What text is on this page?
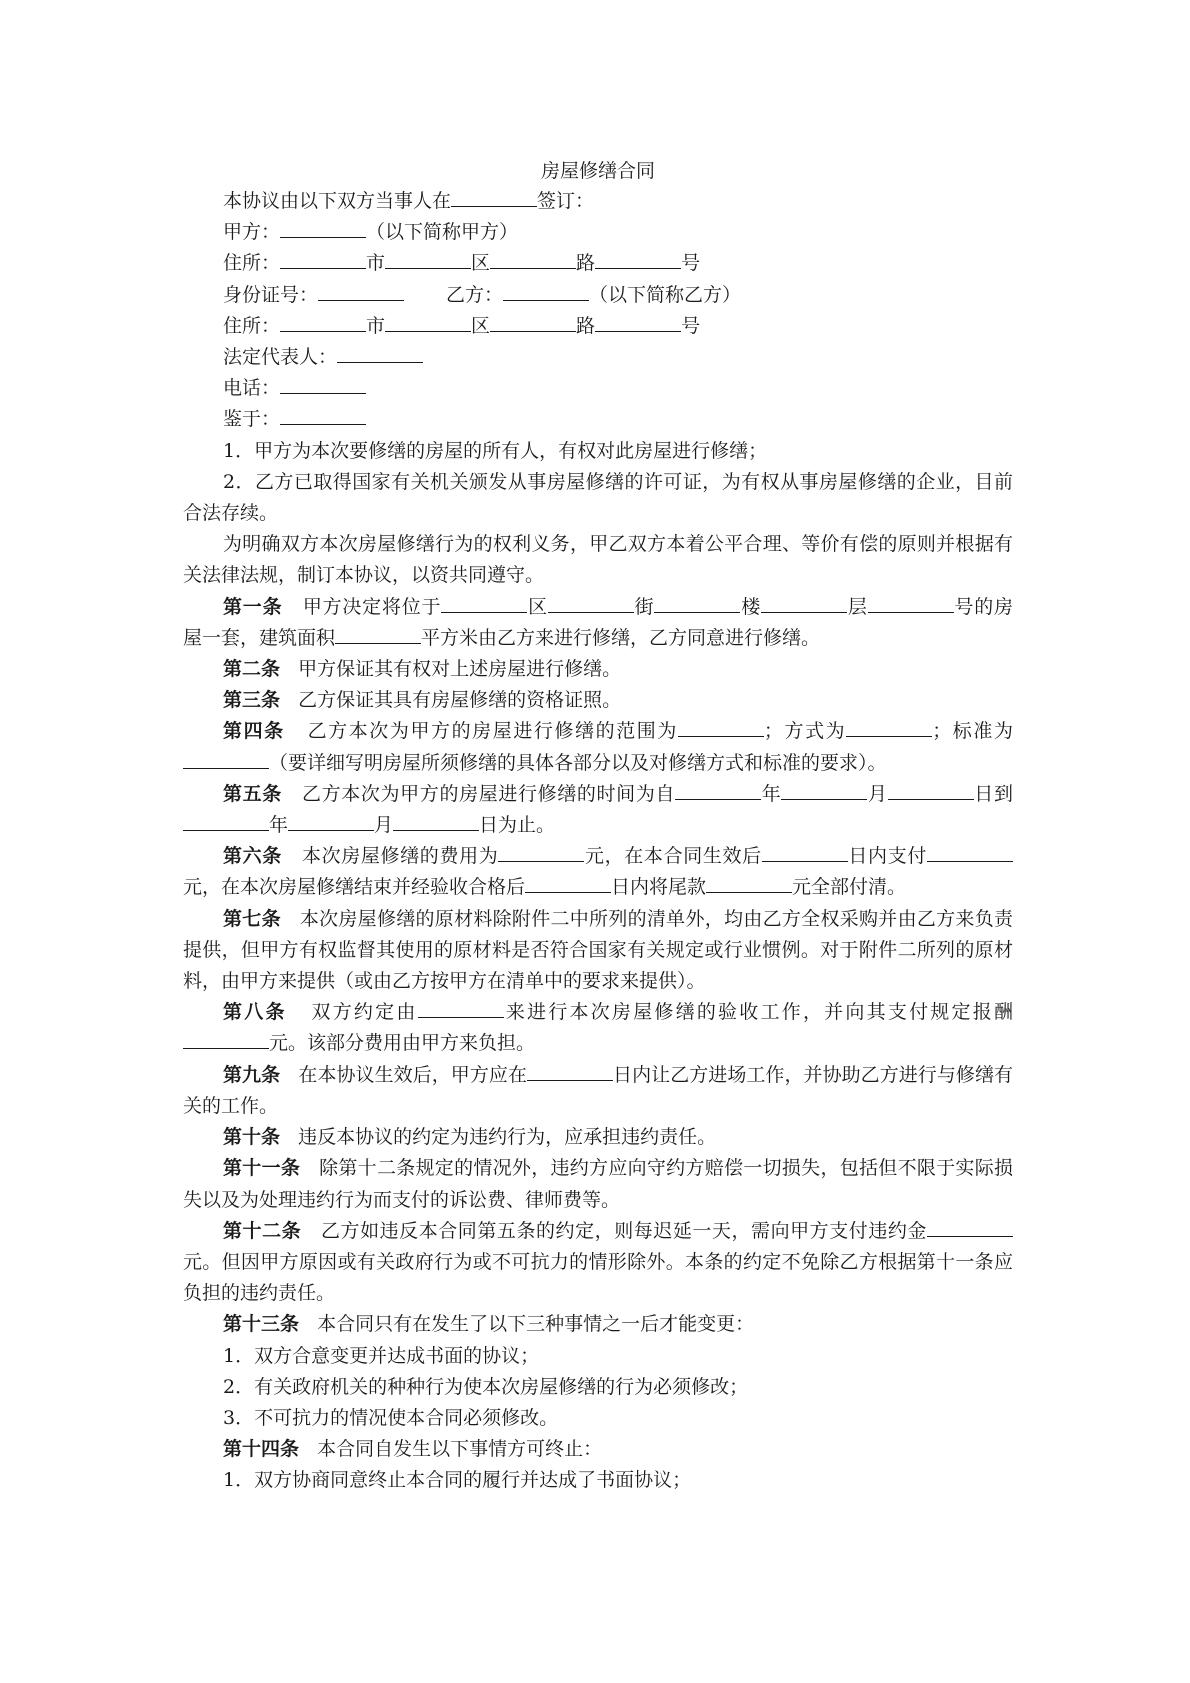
房屋修缮合同

本协议由以下双方当事人在	签订：

甲方：	（以下简称甲方）

住所：	市	区	路	号

身份证号：	乙方：	（以下简称乙方）

住所：	市	区	路	号

法定代表人：

电话：

鉴于：

1．甲方为本次要修缮的房屋的所有人，有权对此房屋进行修缮；

2．乙方已取得国家有关机关颁发从事房屋修缮的许可证，为有权从事房屋修缮的企业，目前合法存续。

为明确双方本次房屋修缮行为的权利义务，甲乙双方本着公平合理、等价有偿的原则并根据有关法律法规，制订本协议，以资共同遵守。

第一条 甲方决定将位于	区	街	楼	层	号的房屋一套，建筑面积	平方米由乙方来进行修缮，乙方同意进行修缮。

第二条 甲方保证其有权对上述房屋进行修缮。

第三条 乙方保证其具有房屋修缮的资格证照。

第四条 乙方本次为甲方的房屋进行修缮的范围为	；方式为	；标准为（要详细写明房屋所须修缮的具体各部分以及对修缮方式和标准的要求）。

第五条 乙方本次为甲方的房屋进行修缮的时间为自	年	月	日到年	月	日为止。

第六条 本次房屋修缮的费用为	元，在本合同生效后	日内支付元，在本次房屋修缮结束并经验收合格后	日内将尾款	元全部付清。

第七条 本次房屋修缮的原材料除附件二中所列的清单外，均由乙方全权采购并由乙方来负责提供，但甲方有权监督其使用的原材料是否符合国家有关规定或行业惯例。对于附件二所列的原材料，由甲方来提供（或由乙方按甲方在清单中的要求来提供）。

第八条 双方约定由	来进行本次房屋修缮的验收工作，并向其支付规定报酬元。该部分费用由甲方来负担。

第九条 在本协议生效后，甲方应在	日内让乙方进场工作，并协助乙方进行与修缮有关的工作。

第十条 违反本协议的约定为违约行为，应承担违约责任。

第十一条 除第十二条规定的情况外，违约方应向守约方赔偿一切损失，包括但不限于实际损失以及为处理违约行为而支付的诉讼费、律师费等。

第十二条 乙方如违反本合同第五条的约定，则每迟延一天，需向甲方支付违约金元。但因甲方原因或有关政府行为或不可抗力的情形除外。本条的约定不免除乙方根据第十一条应负担的违约责任。

第十三条 本合同只有在发生了以下三种事情之一后才能变更：

1．双方合意变更并达成书面的协议；

2．有关政府机关的种种行为使本次房屋修缮的行为必须修改；

3．不可抗力的情况使本合同必须修改。

第十四条 本合同自发生以下事情方可终止：

1．双方协商同意终止本合同的履行并达成了书面协议；
